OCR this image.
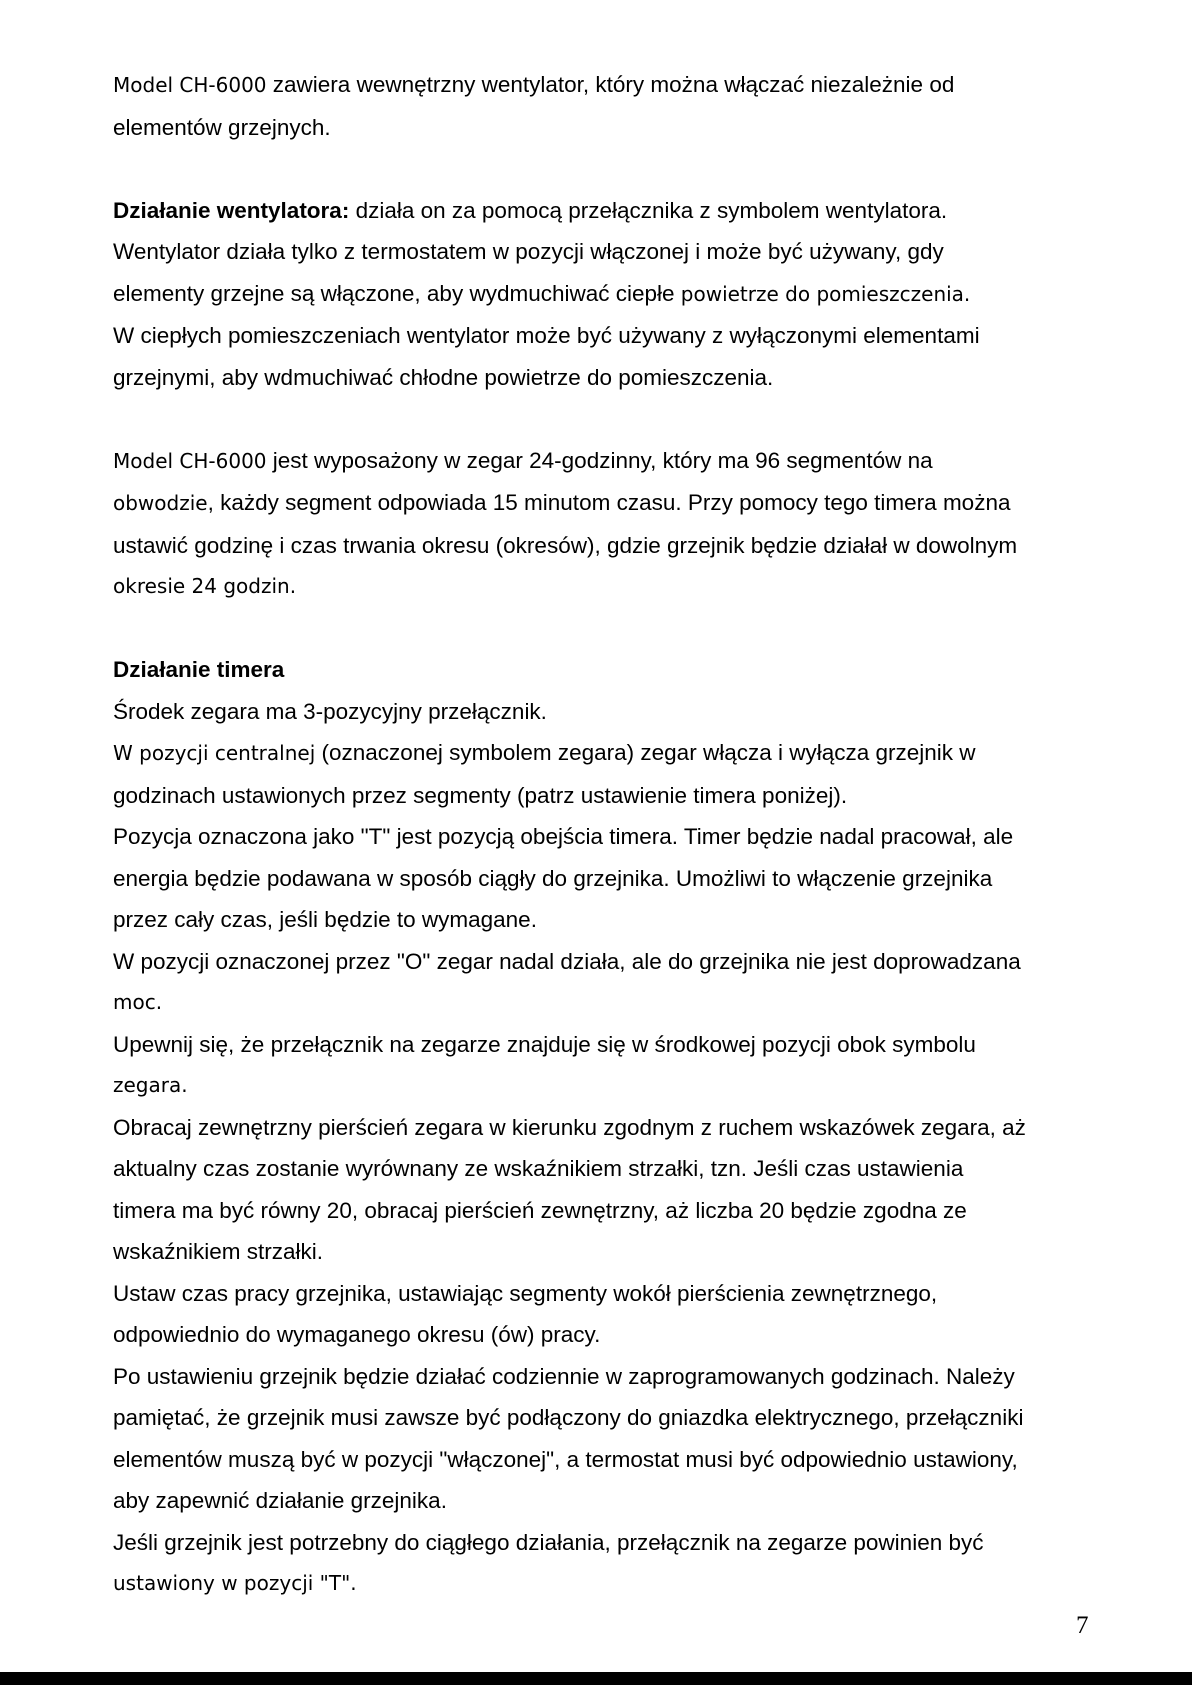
Model CH-6000 zawiera wewnętrzny wentylator, który można włączać niezależnie od

elementów grzejnych.

Działanie wentylatora: działa on za pomocą przełącznika z symbolem wentylatora.

Wentylator działa tylko z termostatem w pozycji włączonej i może być używany, gdy

elementy grzejne są włączone, aby wydmuchiwać ciepłe powietrze do pomieszczenia.

W ciepłych pomieszczeniach wentylator może być używany z wyłączonymi elementami

grzejnymi, aby wdmuchiwać chłodne powietrze do pomieszczenia.

Model CH-6000 jest wyposażony w zegar 24-godzinny, który ma 96 segmentów na

obwodzie, każdy segment odpowiada 15 minutom czasu. Przy pomocy tego timera można

ustawić godzinę i czas trwania okresu (okresów), gdzie grzejnik będzie działał w dowolnym

okresie 24 godzin.

Działanie timera

Środek zegara ma 3-pozycyjny przełącznik.

W pozycji centralnej (oznaczonej symbolem zegara) zegar włącza i wyłącza grzejnik w

godzinach ustawionych przez segmenty (patrz ustawienie timera poniżej).

Pozycja oznaczona jako "T" jest pozycją obejścia timera. Timer będzie nadal pracował, ale

energia będzie podawana w sposób ciągły do grzejnika. Umożliwi to włączenie grzejnika

przez cały czas, jeśli będzie to wymagane.

W pozycji oznaczonej przez "O" zegar nadal działa, ale do grzejnika nie jest doprowadzana

moc.

Upewnij się, że przełącznik na zegarze znajduje się w środkowej pozycji obok symbolu

zegara.

Obracaj zewnętrzny pierścień zegara w kierunku zgodnym z ruchem wskazówek zegara, aż

aktualny czas zostanie wyrównany ze wskaźnikiem strzałki, tzn. Jeśli czas ustawienia

timera ma być równy 20, obracaj pierścień zewnętrzny, aż liczba 20 będzie zgodna ze

wskaźnikiem strzałki.

Ustaw czas pracy grzejnika, ustawiając segmenty wokół pierścienia zewnętrznego,

odpowiednio do wymaganego okresu (ów) pracy.

Po ustawieniu grzejnik będzie działać codziennie w zaprogramowanych godzinach. Należy

pamiętać, że grzejnik musi zawsze być podłączony do gniazdka elektrycznego, przełączniki

elementów muszą być w pozycji "włączonej", a termostat musi być odpowiednio ustawiony,

aby zapewnić działanie grzejnika.

Jeśli grzejnik jest potrzebny do ciągłego działania, przełącznik na zegarze powinien być

ustawiony w pozycji "T".

7
